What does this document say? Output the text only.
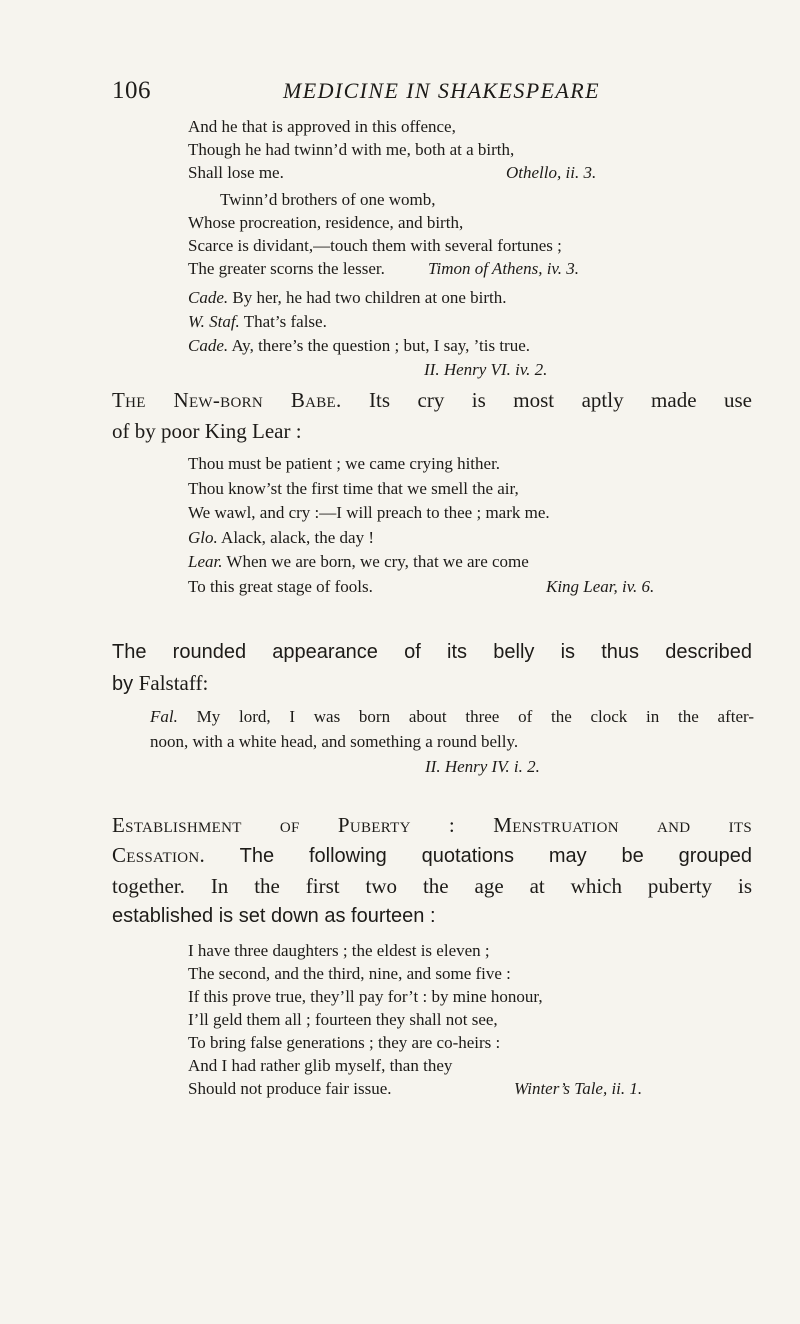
106	MEDICINE IN SHAKESPEARE
And he that is approved in this offence,
Though he had twinn’d with me, both at a birth,
Shall lose me.	Othello, ii. 3.
Twinn’d brothers of one womb,
Whose procreation, residence, and birth,
Scarce is dividant,—touch them with several fortunes ;
The greater scorns the lesser.	Timon of Athens, iv. 3.
Cade. By her, he had two children at one birth.
W. Staf. That’s false.
Cade. Ay, there’s the question ; but, I say, ’tis true.
II. Henry VI. iv. 2.
The New-born Babe. Its cry is most aptly made use
of by poor King Lear :
Thou must be patient ; we came crying hither.
Thou know’st the first time that we smell the air,
We wawl, and cry :—I will preach to thee ; mark me.
Glo. Alack, alack, the day !
Lear. When we are born, we cry, that we are come
To this great stage of fools.	King Lear, iv. 6.
The rounded appearance of its belly is thus described
by Falstaff:
Fal. My lord, I was born about three of the clock in the after-
noon, with a white head, and something a round belly.
II. Henry IV. i. 2.
Establishment of Puberty : Menstruation and its
Cessation. The following quotations may be grouped
together. In the first two the age at which puberty is
established is set down as fourteen :
I have three daughters ; the eldest is eleven ;
The second, and the third, nine, and some five :
If this prove true, they’ll pay for’t : by mine honour,
I’ll geld them all ; fourteen they shall not see,
To bring false generations ; they are co-heirs :
And I had rather glib myself, than they
Should not produce fair issue.	Winter’s Tale, ii. 1.
